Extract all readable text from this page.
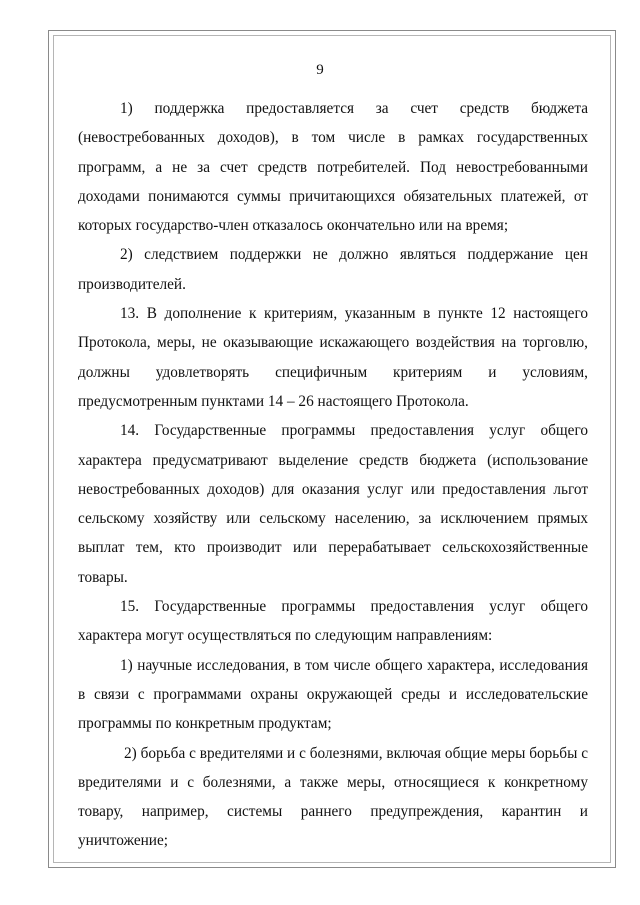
9

1) поддержка предоставляется за счет средств бюджета (невостребованных доходов), в том числе в рамках государственных программ, а не за счет средств потребителей. Под невостребованными доходами понимаются суммы причитающихся обязательных платежей, от которых государство-член отказалось окончательно или на время;

2) следствием поддержки не должно являться поддержание цен производителей.

13. В дополнение к критериям, указанным в пункте 12 настоящего Протокола, меры, не оказывающие искажающего воздействия на торговлю, должны удовлетворять специфичным критериям и условиям, предусмотренным пунктами 14 – 26 настоящего Протокола.

14. Государственные программы предоставления услуг общего характера предусматривают выделение средств бюджета (использование невостребованных доходов) для оказания услуг или предоставления льгот сельскому хозяйству или сельскому населению, за исключением прямых выплат тем, кто производит или перерабатывает сельскохозяйственные товары.

15. Государственные программы предоставления услуг общего характера могут осуществляться по следующим направлениям:

1) научные исследования, в том числе общего характера, исследования в связи с программами охраны окружающей среды и исследовательские программы по конкретным продуктам;

2) борьба с вредителями и с болезнями, включая общие меры борьбы с вредителями и с болезнями, а также меры, относящиеся к конкретному товару, например, системы раннего предупреждения, карантин и уничтожение;
